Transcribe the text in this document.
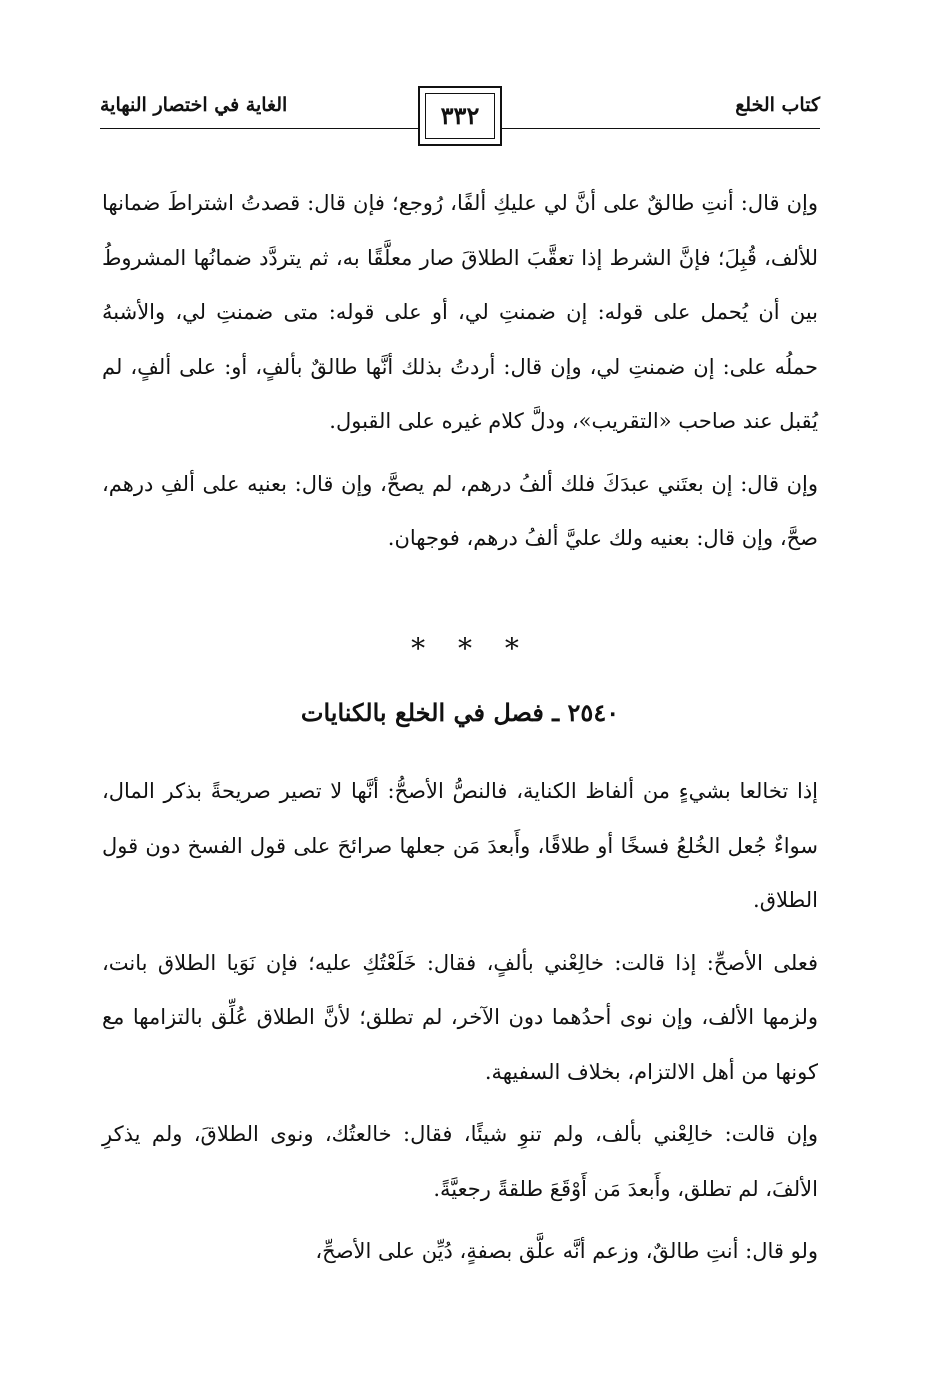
الغاية في اختصار النهاية	٣٣٢	كتاب الخلع

وإن قال: أنتِ طالقٌ على أنَّ لي عليكِ ألفًا، رُوجع؛ فإن قال: قصدتُ اشتراطَ ضمانها للألف، قُبِلَ؛ فإنَّ الشرط إذا تعقَّبَ الطلاقَ صار معلَّقًا به، ثم يتردَّد ضمانُها المشروطُ بين أن يُحمل على قوله: إن ضمنتِ لي، أو على قوله: متى ضمنتِ لي، والأشبهُ حملُه على: إن ضمنتِ لي، وإن قال: أردتُ بذلك أنَّها طالقٌ بألفٍ، أو: على ألفٍ، لم يُقبل عند صاحب «التقريب»، ودلَّ كلام غيره على القبول.

وإن قال: إن بعتَني عبدَكَ فلك ألفُ درهم، لم يصحَّ، وإن قال: بعنيه على ألفِ درهم، صحَّ، وإن قال: بعنيه ولك عليَّ ألفُ درهم، فوجهان.

* * *
٢٥٤٠ ـ فصل في الخلع بالكنايات

إذا تخالعا بشيءٍ من ألفاظ الكناية، فالنصُّ الأصحُّ: أنَّها لا تصير صريحةً بذكر المال، سواءٌ جُعل الخُلعُ فسخًا أو طلاقًا، وأَبعدَ مَن جعلها صرائحَ على قول الفسخ دون قول الطلاق.

فعلى الأصحِّ: إذا قالت: خالِعْني بألفٍ، فقال: خَلَعْتُكِ عليه؛ فإن نَوَيا الطلاق بانت، ولزمها الألف، وإن نوى أحدُهما دون الآخر، لم تطلق؛ لأنَّ الطلاق عُلِّق بالتزامها مع كونها من أهل الالتزام، بخلاف السفيهة.

وإن قالت: خالِعْني بألف، ولم تنوِ شيئًا، فقال: خالعتُك، ونوى الطلاقَ، ولم يذكرِ الألفَ، لم تطلق، وأَبعدَ مَن أَوْقَعَ طلقةً رجعيَّةً.

ولو قال: أنتِ طالقٌ، وزعم أنَّه علَّق بصفةٍ، دُيِّن على الأصحِّ،
